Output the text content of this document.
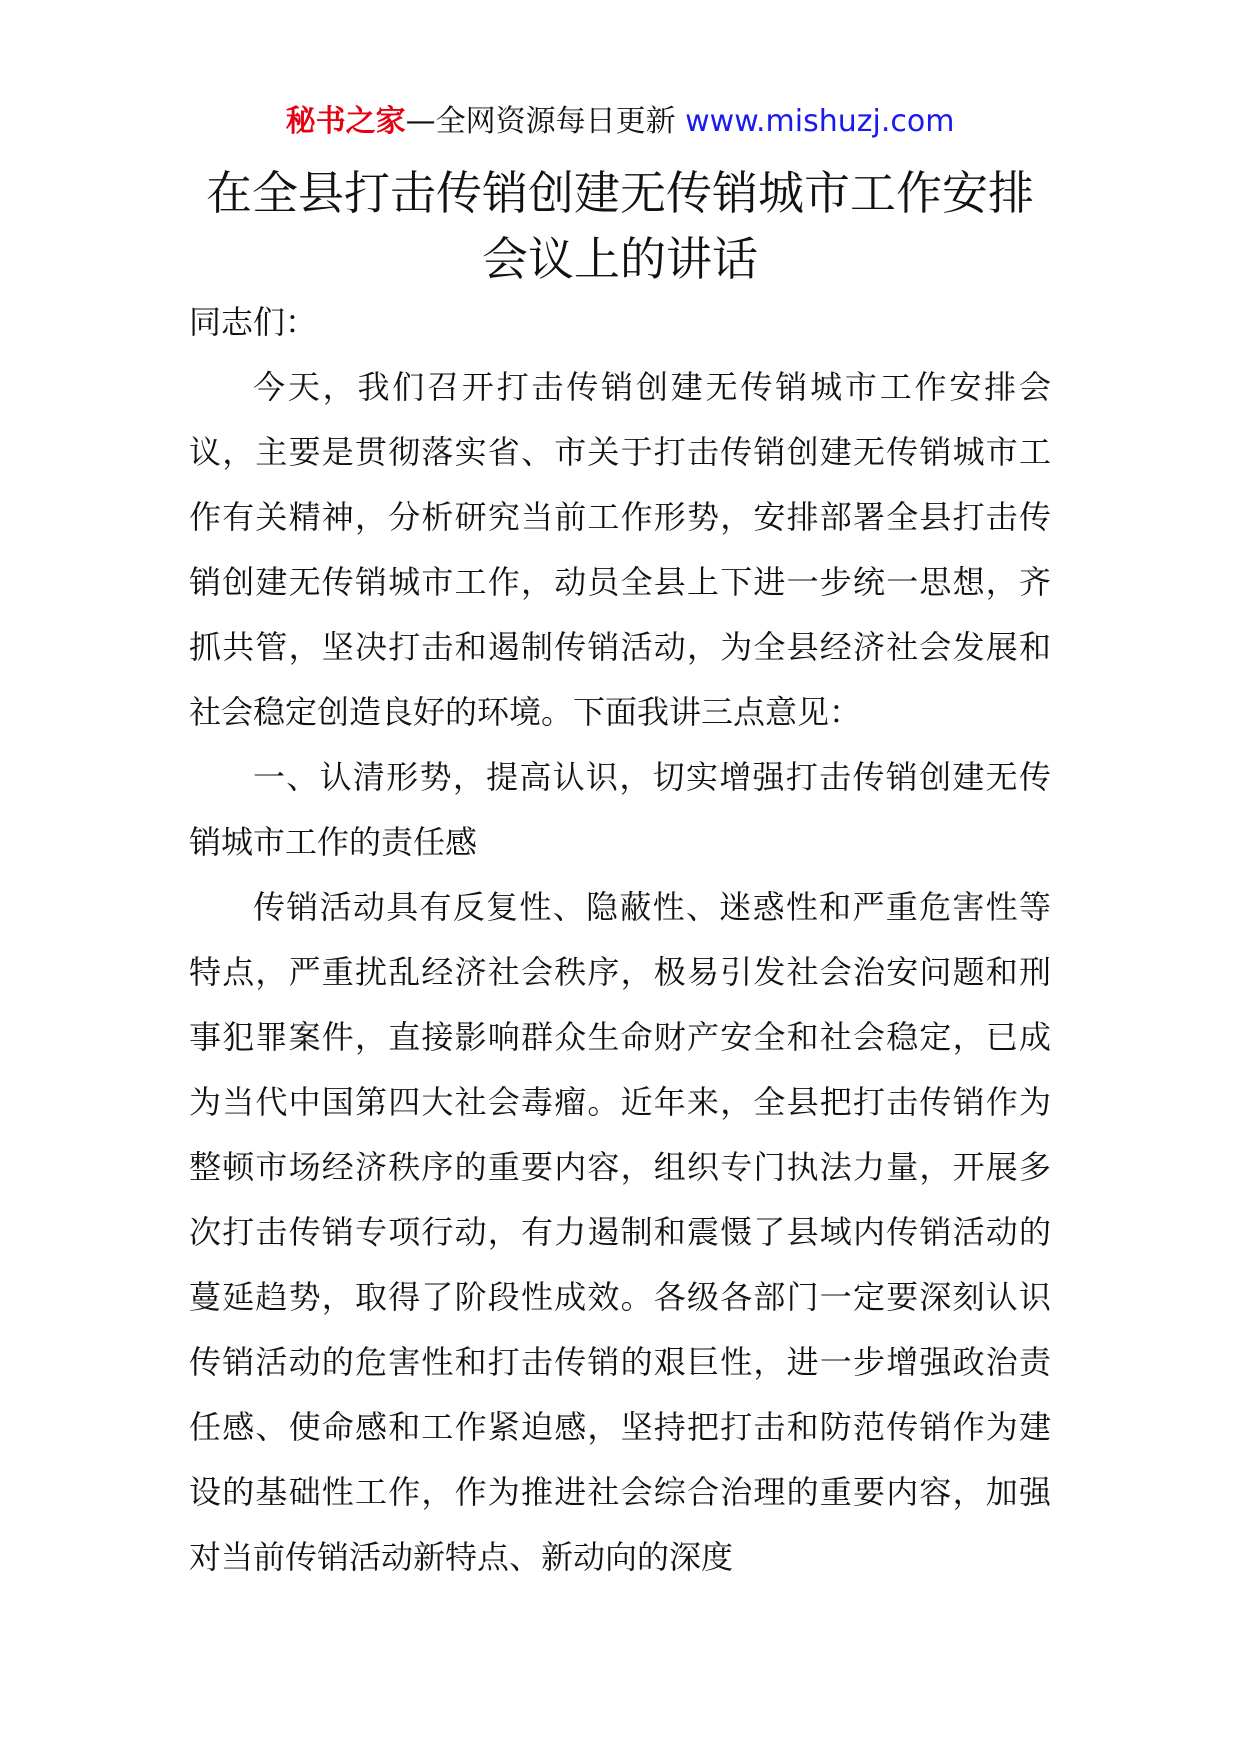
秘书之家—全网资源每日更新 www.mishuzj.com
在全县打击传销创建无传销城市工作安排会议上的讲话

同志们：

今天，我们召开打击传销创建无传销城市工作安排会议，主要是贯彻落实省、市关于打击传销创建无传销城市工作有关精神，分析研究当前工作形势，安排部署全县打击传销创建无传销城市工作，动员全县上下进一步统一思想，齐抓共管，坚决打击和遏制传销活动，为全县经济社会发展和社会稳定创造良好的环境。下面我讲三点意见：

一、认清形势，提高认识，切实增强打击传销创建无传销城市工作的责任感

传销活动具有反复性、隐蔽性、迷惑性和严重危害性等特点，严重扰乱经济社会秩序，极易引发社会治安问题和刑事犯罪案件，直接影响群众生命财产安全和社会稳定，已成为当代中国第四大社会毒瘤。近年来，全县把打击传销作为整顿市场经济秩序的重要内容，组织专门执法力量，开展多次打击传销专项行动，有力遏制和震慑了县域内传销活动的蔓延趋势，取得了阶段性成效。各级各部门一定要深刻认识传销活动的危害性和打击传销的艰巨性，进一步增强政治责任感、使命感和工作紧迫感，坚持把打击和防范传销作为建设的基础性工作，作为推进社会综合治理的重要内容，加强对当前传销活动新特点、新动向的深度
